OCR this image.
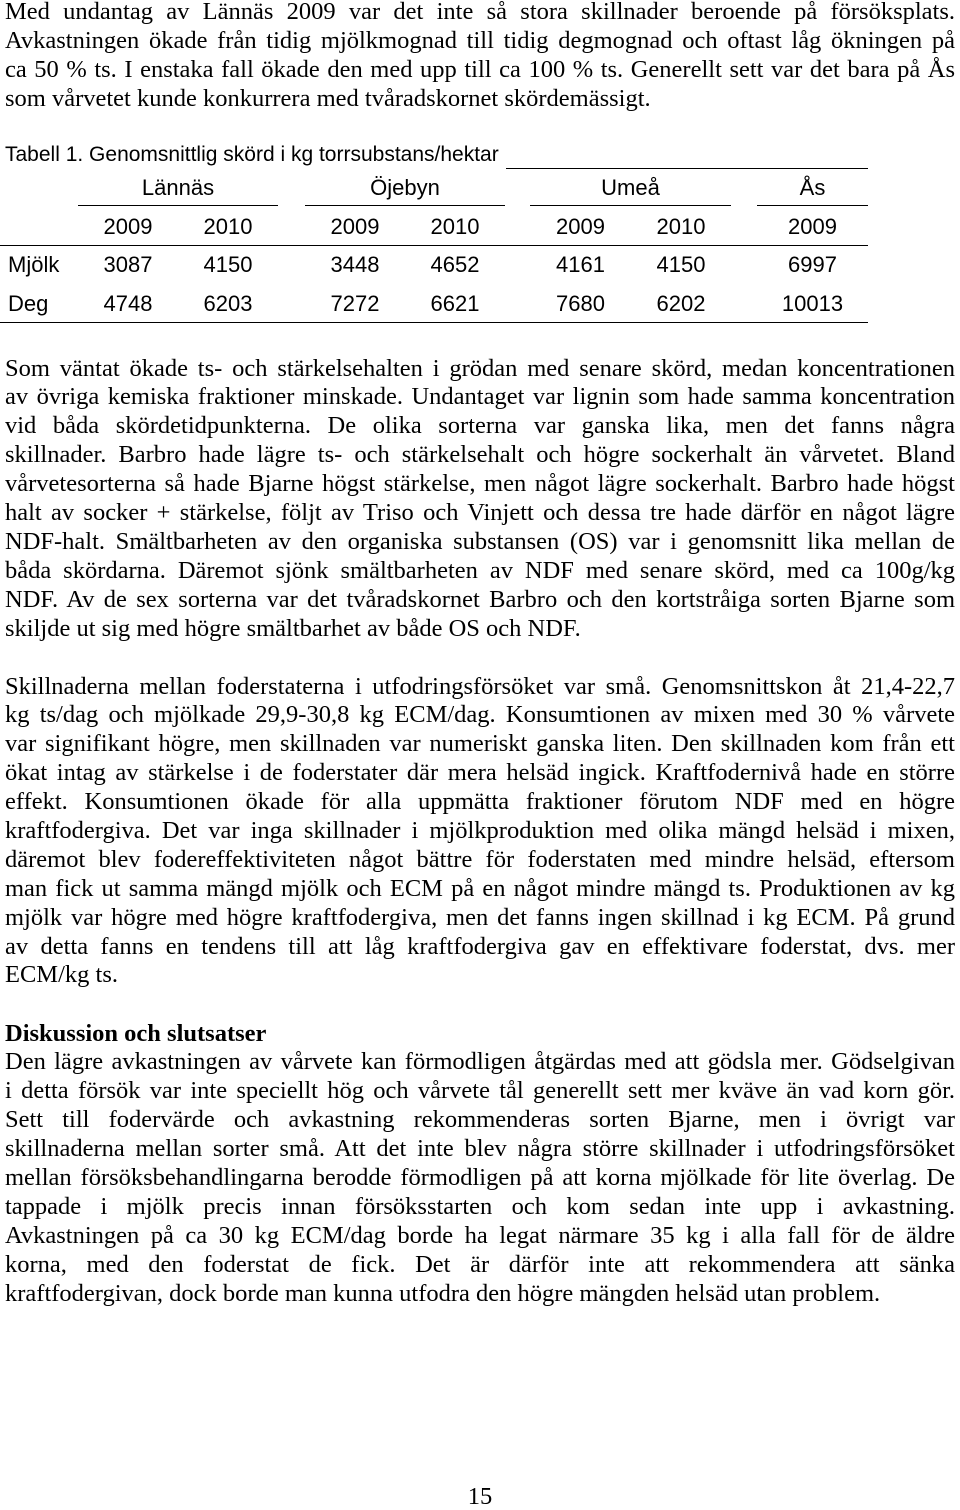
Med undantag av Lännäs 2009 var det inte så stora skillnader beroende på försöksplats.
Avkastningen ökade från tidig mjölkmognad till tidig degmognad och oftast låg ökningen på
ca 50 % ts. I enstaka fall ökade den med upp till ca 100 % ts. Generellt sett var det bara på Ås
som vårvetet kunde konkurrera med tvåradskornet skördemässigt.
Tabell 1. Genomsnittlig skörd i kg torrsubstans/hektar
Lännäs	Öjebyn	Umeå	Ås
2009	2010	2009	2010	2009	2010	2009
Mjölk	3087	4150	3448	4652	4161	4150	6997
Deg	4748	6203	7272	6621	7680	6202	10013
Som väntat ökade ts- och stärkelsehalten i grödan med senare skörd, medan koncentrationen
av övriga kemiska fraktioner minskade. Undantaget var lignin som hade samma koncentration
vid båda skördetidpunkterna. De olika sorterna var ganska lika, men det fanns några
skillnader. Barbro hade lägre ts- och stärkelsehalt och högre sockerhalt än vårvetet. Bland
vårvetesorterna så hade Bjarne högst stärkelse, men något lägre sockerhalt. Barbro hade högst
halt av socker + stärkelse, följt av Triso och Vinjett och dessa tre hade därför en något lägre
NDF-halt. Smältbarheten av den organiska substansen (OS) var i genomsnitt lika mellan de
båda skördarna. Däremot sjönk smältbarheten av NDF med senare skörd, med ca 100g/kg
NDF. Av de sex sorterna var det tvåradskornet Barbro och den kortstråiga sorten Bjarne som
skiljde ut sig med högre smältbarhet av både OS och NDF.
Skillnaderna mellan foderstaterna i utfodringsförsöket var små. Genomsnittskon åt 21,4-22,7
kg ts/dag och mjölkade 29,9-30,8 kg ECM/dag. Konsumtionen av mixen med 30 % vårvete
var signifikant högre, men skillnaden var numeriskt ganska liten. Den skillnaden kom från ett
ökat intag av stärkelse i de foderstater där mera helsäd ingick. Kraftfodernivå hade en större
effekt. Konsumtionen ökade för alla uppmätta fraktioner förutom NDF med en högre
kraftfodergiva. Det var inga skillnader i mjölkproduktion med olika mängd helsäd i mixen,
däremot blev fodereffektiviteten något bättre för foderstaten med mindre helsäd, eftersom
man fick ut samma mängd mjölk och ECM på en något mindre mängd ts. Produktionen av kg
mjölk var högre med högre kraftfodergiva, men det fanns ingen skillnad i kg ECM. På grund
av detta fanns en tendens till att låg kraftfodergiva gav en effektivare foderstat, dvs. mer
ECM/kg ts.
Diskussion och slutsatser
Den lägre avkastningen av vårvete kan förmodligen åtgärdas med att gödsla mer. Gödselgivan
i detta försök var inte speciellt hög och vårvete tål generellt sett mer kväve än vad korn gör.
Sett till fodervärde och avkastning rekommenderas sorten Bjarne, men i övrigt var
skillnaderna mellan sorter små. Att det inte blev några större skillnader i utfodringsförsöket
mellan försöksbehandlingarna berodde förmodligen på att korna mjölkade för lite överlag. De
tappade i mjölk precis innan försöksstarten och kom sedan inte upp i avkastning.
Avkastningen på ca 30 kg ECM/dag borde ha legat närmare 35 kg i alla fall för de äldre
korna, med den foderstat de fick. Det är därför inte att rekommendera att sänka
kraftfodergivan, dock borde man kunna utfodra den högre mängden helsäd utan problem.
15
